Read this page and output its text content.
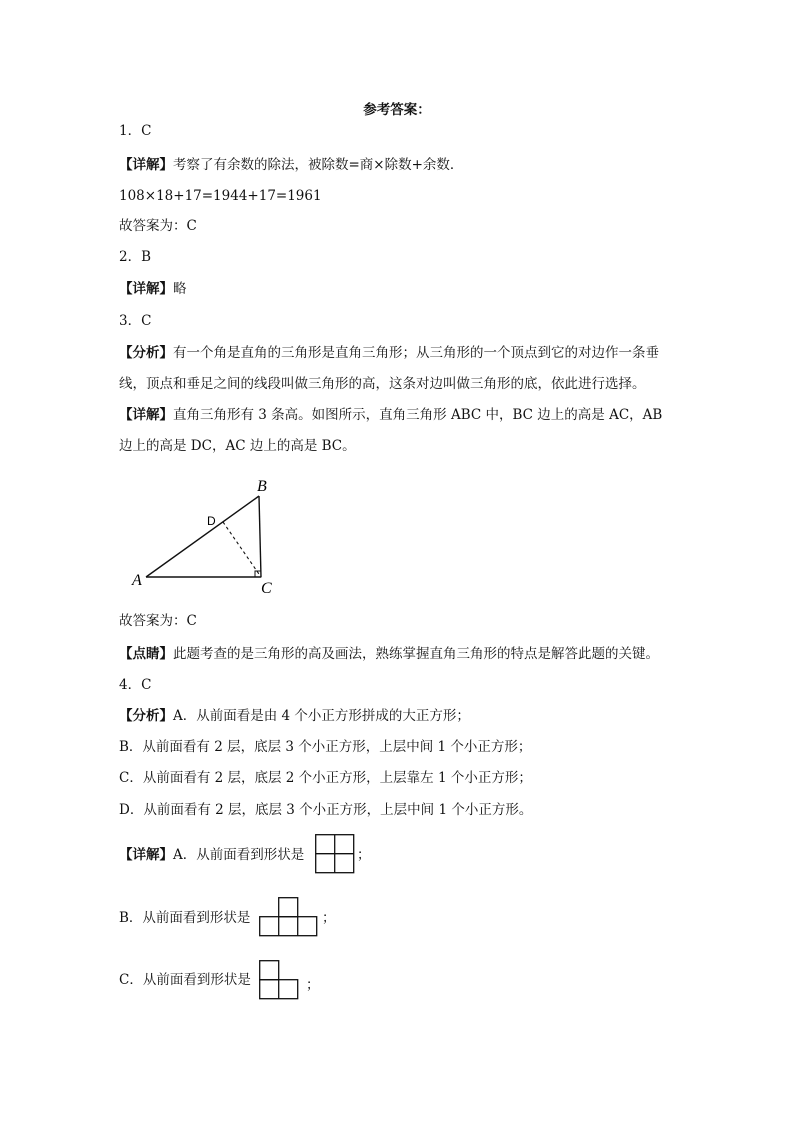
参考答案：
1．C
【详解】考察了有余数的除法，被除数=商×除数+余数．
108×18+17=1944+17=1961
故答案为：C
2．B
【详解】略
3．C
【分析】有一个角是直角的三角形是直角三角形；从三角形的一个顶点到它的对边作一条垂
线，顶点和垂足之间的线段叫做三角形的高，这条对边叫做三角形的底，依此进行选择。
【详解】直角三角形有 3 条高。如图所示，直角三角形 ABC 中，BC 边上的高是 AC，AB
边上的高是 DC，AC 边上的高是 BC。
A
B
C
D
故答案为：C
【点睛】此题考查的是三角形的高及画法，熟练掌握直角三角形的特点是解答此题的关键。
4．C
【分析】A．从前面看是由 4 个小正方形拼成的大正方形；
B．从前面看有 2 层，底层 3 个小正方形，上层中间 1 个小正方形；
C．从前面看有 2 层，底层 2 个小正方形，上层靠左 1 个小正方形；
D．从前面看有 2 层，底层 3 个小正方形，上层中间 1 个小正方形。
【详解】A．从前面看到形状是	；
B．从前面看到形状是	；
C．从前面看到形状是	；
